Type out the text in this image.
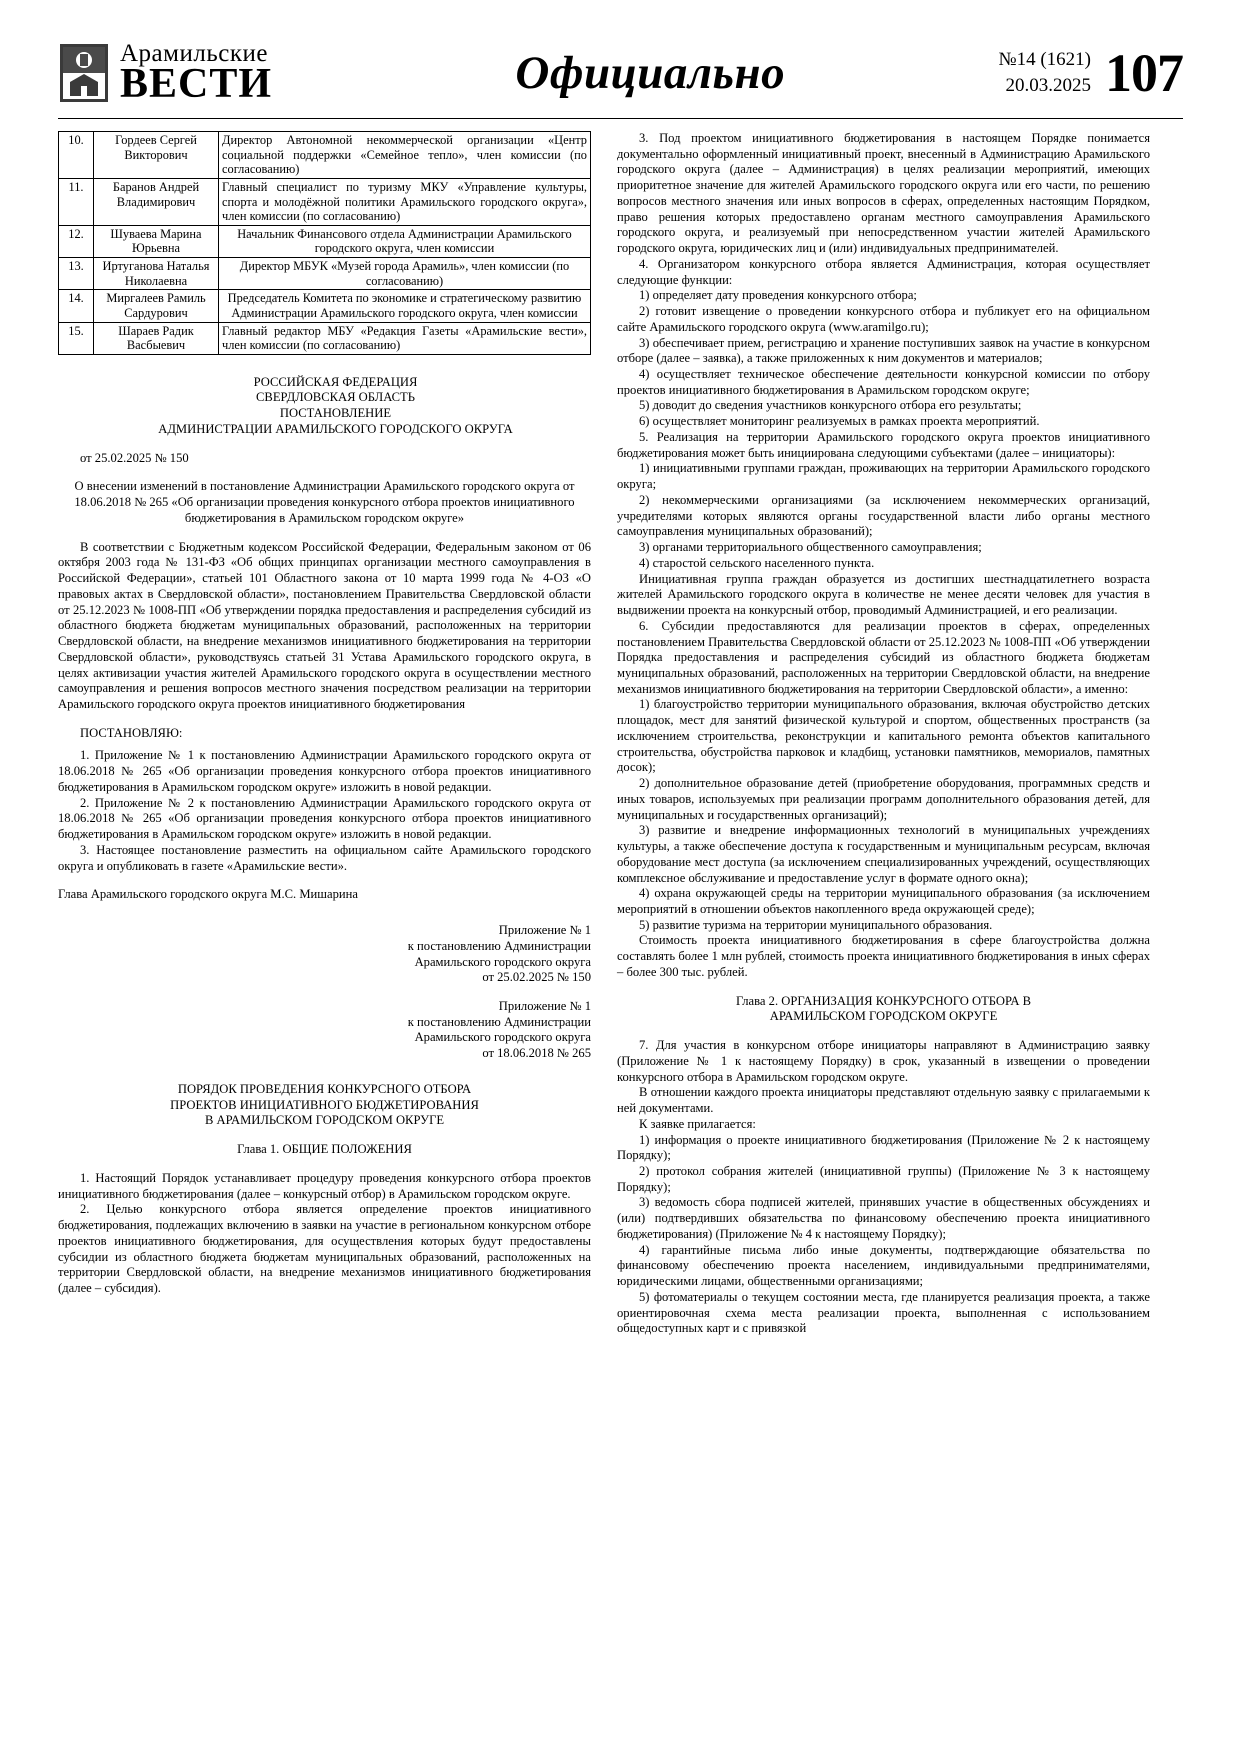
Арамильские
ВЕСТИ	Официально	№14 (1621)
20.03.2025 107
10.	Гордеев Сергей Викторович	Директор Автономной некоммерческой организации «Центр социальной поддержки «Семейное тепло», член комиссии (по согласованию)
11.	Баранов Андрей Владимирович	Главный специалист по туризму МКУ «Управление культуры, спорта и молодёжной политики Арамильского городского округа», член комиссии (по согласованию)
12.	Шуваева Марина Юрьевна	Начальник Финансового отдела Администрации Арамильского городского округа, член комиссии
13.	Иртуганова Наталья Николаевна	Директор МБУК «Музей города Арамиль», член комиссии (по согласованию)
14.	Миргалеев Рамиль Сардурович	Председатель Комитета по экономике и стратегическому развитию Администрации Арамильского городского округа, член комиссии
15.	Шараев Радик Васбыевич	Главный редактор МБУ «Редакция Газеты «Арамильские вести», член комиссии (по согласованию)

РОССИЙСКАЯ ФЕДЕРАЦИЯ

СВЕРДЛОВСКАЯ ОБЛАСТЬ

ПОСТАНОВЛЕНИЕ

АДМИНИСТРАЦИИ АРАМИЛЬСКОГО ГОРОДСКОГО ОКРУГА

от 25.02.2025 № 150

О внесении изменений в постановление Администрации Арамильского городского округа от 18.06.2018 № 265 «Об организации проведения конкурсного отбора проектов инициативного бюджетирования в Арамильском городском округе»

В соответствии с Бюджетным кодексом Российской Федерации, Федеральным законом от 06 октября 2003 года № 131-ФЗ «Об общих принципах организации местного самоуправления в Российской Федерации», статьей 101 Областного закона от 10 марта 1999 года № 4-ОЗ «О правовых актах в Свердловской области», постановлением Правительства Свердловской области от 25.12.2023 № 1008-ПП «Об утверждении порядка предоставления и распределения субсидий из областного бюджета бюджетам муниципальных образований, расположенных на территории Свердловской области, на внедрение механизмов инициативного бюджетирования на территории Свердловской области», руководствуясь статьей 31 Устава Арамильского городского округа, в целях активизации участия жителей Арамильского городского округа в осуществлении местного самоуправления и решения вопросов местного значения посредством реализации на территории Арамильского городского округа проектов инициативного бюджетирования

ПОСТАНОВЛЯЮ:

1. Приложение № 1 к постановлению Администрации Арамильского городского округа от 18.06.2018 № 265 «Об организации проведения конкурсного отбора проектов инициативного бюджетирования в Арамильском городском округе» изложить в новой редакции.

2. Приложение № 2 к постановлению Администрации Арамильского городского округа от 18.06.2018 № 265 «Об организации проведения конкурсного отбора проектов инициативного бюджетирования в Арамильском городском округе» изложить в новой редакции.

3. Настоящее постановление разместить на официальном сайте Арамильского городского округа и опубликовать в газете «Арамильские вести».

Глава Арамильского городского округа М.С. Мишарина

Приложение № 1

к постановлению Администрации

Арамильского городского округа

от 25.02.2025 № 150

Приложение № 1

к постановлению Администрации

Арамильского городского округа

от 18.06.2018 № 265

ПОРЯДОК ПРОВЕДЕНИЯ КОНКУРСНОГО ОТБОРА

ПРОЕКТОВ ИНИЦИАТИВНОГО БЮДЖЕТИРОВАНИЯ

В АРАМИЛЬСКОМ ГОРОДСКОМ ОКРУГЕ

Глава 1. ОБЩИЕ ПОЛОЖЕНИЯ

1. Настоящий Порядок устанавливает процедуру проведения конкурсного отбора проектов инициативного бюджетирования (далее – конкурсный отбор) в Арамильском городском округе.

2. Целью конкурсного отбора является определение проектов инициативного бюджетирования, подлежащих включению в заявки на участие в региональном конкурсном отборе проектов инициативного бюджетирования, для осуществления которых будут предоставлены субсидии из областного бюджета бюджетам муниципальных образований, расположенных на территории Свердловской области, на внедрение механизмов инициативного бюджетирования (далее – субсидия).

3. Под проектом инициативного бюджетирования в настоящем Порядке понимается документально оформленный инициативный проект, внесенный в Администрацию Арамильского городского округа (далее – Администрация) в целях реализации мероприятий, имеющих приоритетное значение для жителей Арамильского городского округа или его части, по решению вопросов местного значения или иных вопросов в сферах, определенных настоящим Порядком, право решения которых предоставлено органам местного самоуправления Арамильского городского округа, и реализуемый при непосредственном участии жителей Арамильского городского округа, юридических лиц и (или) индивидуальных предпринимателей.

4. Организатором конкурсного отбора является Администрация, которая осуществляет следующие функции:

1) определяет дату проведения конкурсного отбора;

2) готовит извещение о проведении конкурсного отбора и публикует его на официальном сайте Арамильского городского округа (www.aramilgo.ru);

3) обеспечивает прием, регистрацию и хранение поступивших заявок на участие в конкурсном отборе (далее – заявка), а также приложенных к ним документов и материалов;

4) осуществляет техническое обеспечение деятельности конкурсной комиссии по отбору проектов инициативного бюджетирования в Арамильском городском округе;

5) доводит до сведения участников конкурсного отбора его результаты;

6) осуществляет мониторинг реализуемых в рамках проекта мероприятий.

5. Реализация на территории Арамильского городского округа проектов инициативного бюджетирования может быть инициирована следующими субъектами (далее – инициаторы):

1) инициативными группами граждан, проживающих на территории Арамильского городского округа;

2) некоммерческими организациями (за исключением некоммерческих организаций, учредителями которых являются органы государственной власти либо органы местного самоуправления муниципальных образований);

3) органами территориального общественного самоуправления;

4) старостой сельского населенного пункта.

Инициативная группа граждан образуется из достигших шестнадцатилетнего возраста жителей Арамильского городского округа в количестве не менее десяти человек для участия в выдвижении проекта на конкурсный отбор, проводимый Администрацией, и его реализации.

6. Субсидии предоставляются для реализации проектов в сферах, определенных постановлением Правительства Свердловской области от 25.12.2023 № 1008-ПП «Об утверждении Порядка предоставления и распределения субсидий из областного бюджета бюджетам муниципальных образований, расположенных на территории Свердловской области, на внедрение механизмов инициативного бюджетирования на территории Свердловской области», а именно:

1) благоустройство территории муниципального образования, включая обустройство детских площадок, мест для занятий физической культурой и спортом, общественных пространств (за исключением строительства, реконструкции и капитального ремонта объектов капитального строительства, обустройства парковок и кладбищ, установки памятников, мемориалов, памятных досок);

2) дополнительное образование детей (приобретение оборудования, программных средств и иных товаров, используемых при реализации программ дополнительного образования детей, для муниципальных и государственных организаций);

3) развитие и внедрение информационных технологий в муниципальных учреждениях культуры, а также обеспечение доступа к государственным и муниципальным ресурсам, включая оборудование мест доступа (за исключением специализированных учреждений, осуществляющих комплексное обслуживание и предоставление услуг в формате одного окна);

4) охрана окружающей среды на территории муниципального образования (за исключением мероприятий в отношении объектов накопленного вреда окружающей среде);

5) развитие туризма на территории муниципального образования.

Стоимость проекта инициативного бюджетирования в сфере благоустройства должна составлять более 1 млн рублей, стоимость проекта инициативного бюджетирования в иных сферах – более 300 тыс. рублей.

Глава 2. ОРГАНИЗАЦИЯ КОНКУРСНОГО ОТБОРА В

АРАМИЛЬСКОМ ГОРОДСКОМ ОКРУГЕ

7. Для участия в конкурсном отборе инициаторы направляют в Администрацию заявку (Приложение № 1 к настоящему Порядку) в срок, указанный в извещении о проведении конкурсного отбора в Арамильском городском округе.

В отношении каждого проекта инициаторы представляют отдельную заявку с прилагаемыми к ней документами.

К заявке прилагается:

1) информация о проекте инициативного бюджетирования (Приложение № 2 к настоящему Порядку);

2) протокол собрания жителей (инициативной группы) (Приложение № 3 к настоящему Порядку);

3) ведомость сбора подписей жителей, принявших участие в общественных обсуждениях и (или) подтвердивших обязательства по финансовому обеспечению проекта инициативного бюджетирования) (Приложение № 4 к настоящему Порядку);

4) гарантийные письма либо иные документы, подтверждающие обязательства по финансовому обеспечению проекта населением, индивидуальными предпринимателями, юридическими лицами, общественными организациями;

5) фотоматериалы о текущем состоянии места, где планируется реализация проекта, а также ориентировочная схема места реализации проекта, выполненная с использованием общедоступных карт и с привязкой
